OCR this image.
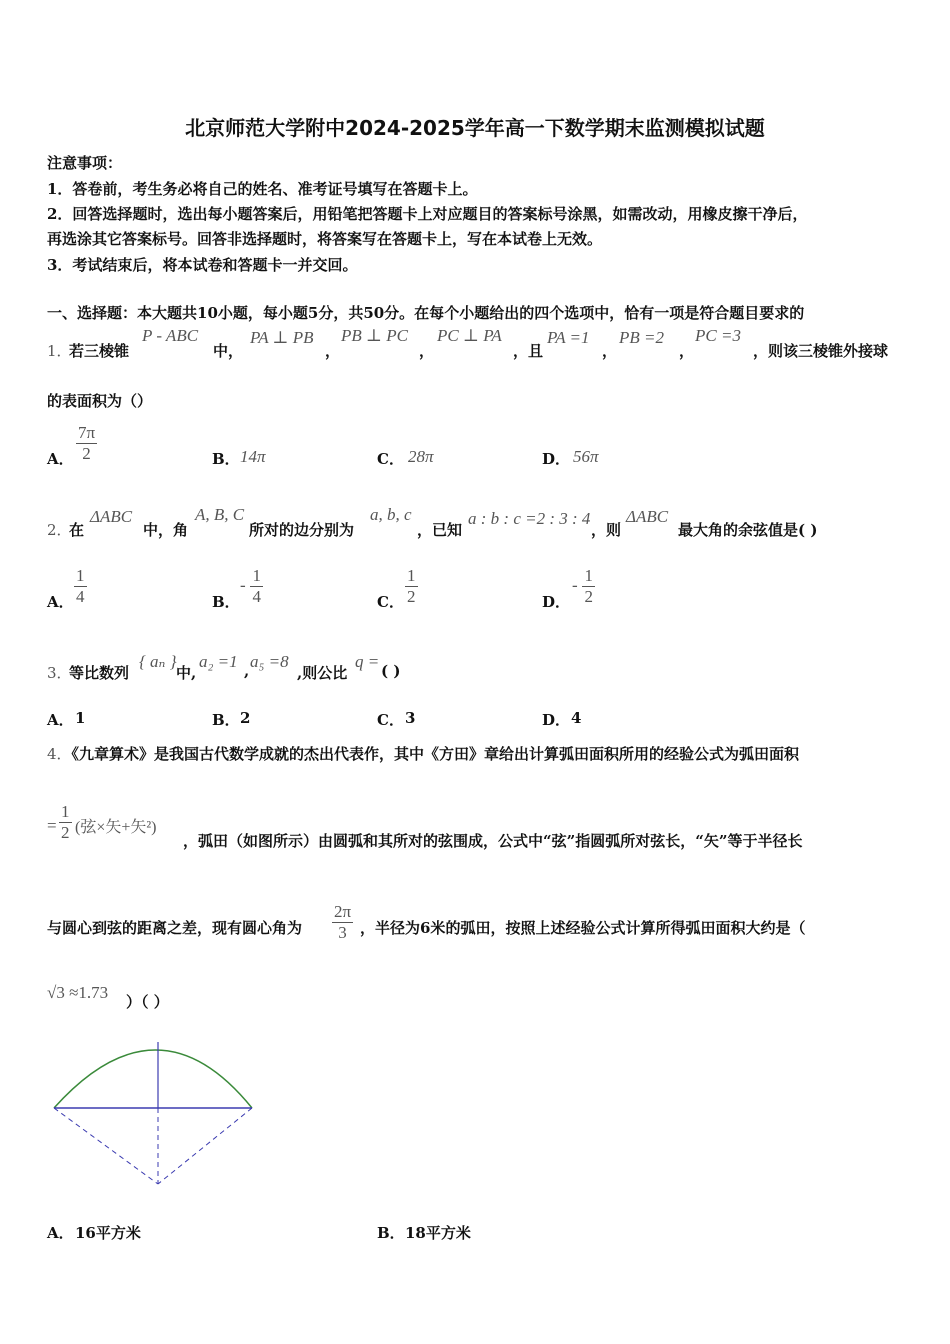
北京师范大学附中2024-2025学年高一下数学期末监测模拟试题
注意事项：
1．答卷前，考生务必将自己的姓名、准考证号填写在答题卡上。
2．回答选择题时，选出每小题答案后，用铅笔把答题卡上对应题目的答案标号涂黑，如需改动，用橡皮擦干净后，
再选涂其它答案标号。回答非选择题时，将答案写在答题卡上，写在本试卷上无效。
3．考试结束后，将本试卷和答题卡一并交回。
一、选择题：本大题共10小题，每小题5分，共50分。在每个小题给出的四个选项中，恰有一项是符合题目要求的
1．
若三棱锥
P - ABC
中，
PA ⊥ PB
，
PB ⊥ PC
，
PC ⊥ PA
，且
PA =1
，
PB =2
，
PC =3
，则该三棱锥外接球
的表面积为（）
A． $\frac{7\pi}{2}$	B． 14π	C． 28π	D． 56π
2．
在
ΔABC
中，角
A, B, C
所对的边分别为
a, b, c
，已知
a : b : c =2 : 3 : 4
，则
ΔABC
最大角的余弦值是( )
A． $\frac{1}{4}$	B．
- $\frac{1}{4}$	C． $\frac{1}{2}$	D．
- $\frac{1}{2}$
3．
等比数列
{ aₙ }
中,
a₂ =1 , a₅ =8
,则公比
q = ( )
A． 1	B． 2	C． 3	D． 4
4．《九章算术》是我国古代数学成就的杰出代表作，其中《方田》章给出计算弧田面积所用的经验公式为弧田面积
= $\frac{1}{2}$ (弦×矢+矢²)
，弧田（如图所示）由圆弧和其所对的弦围成，公式中“弦”指圆弧所对弦长，“矢”等于半径长
与圆心到弦的距离之差，现有圆心角为 $\frac{2\pi}{3}$ ，半径为6米的弧田，按照上述经验公式计算所得弧田面积大约是（
√3 ≈1.73 ）（ ）
A． 16平方米	B． 18平方米
